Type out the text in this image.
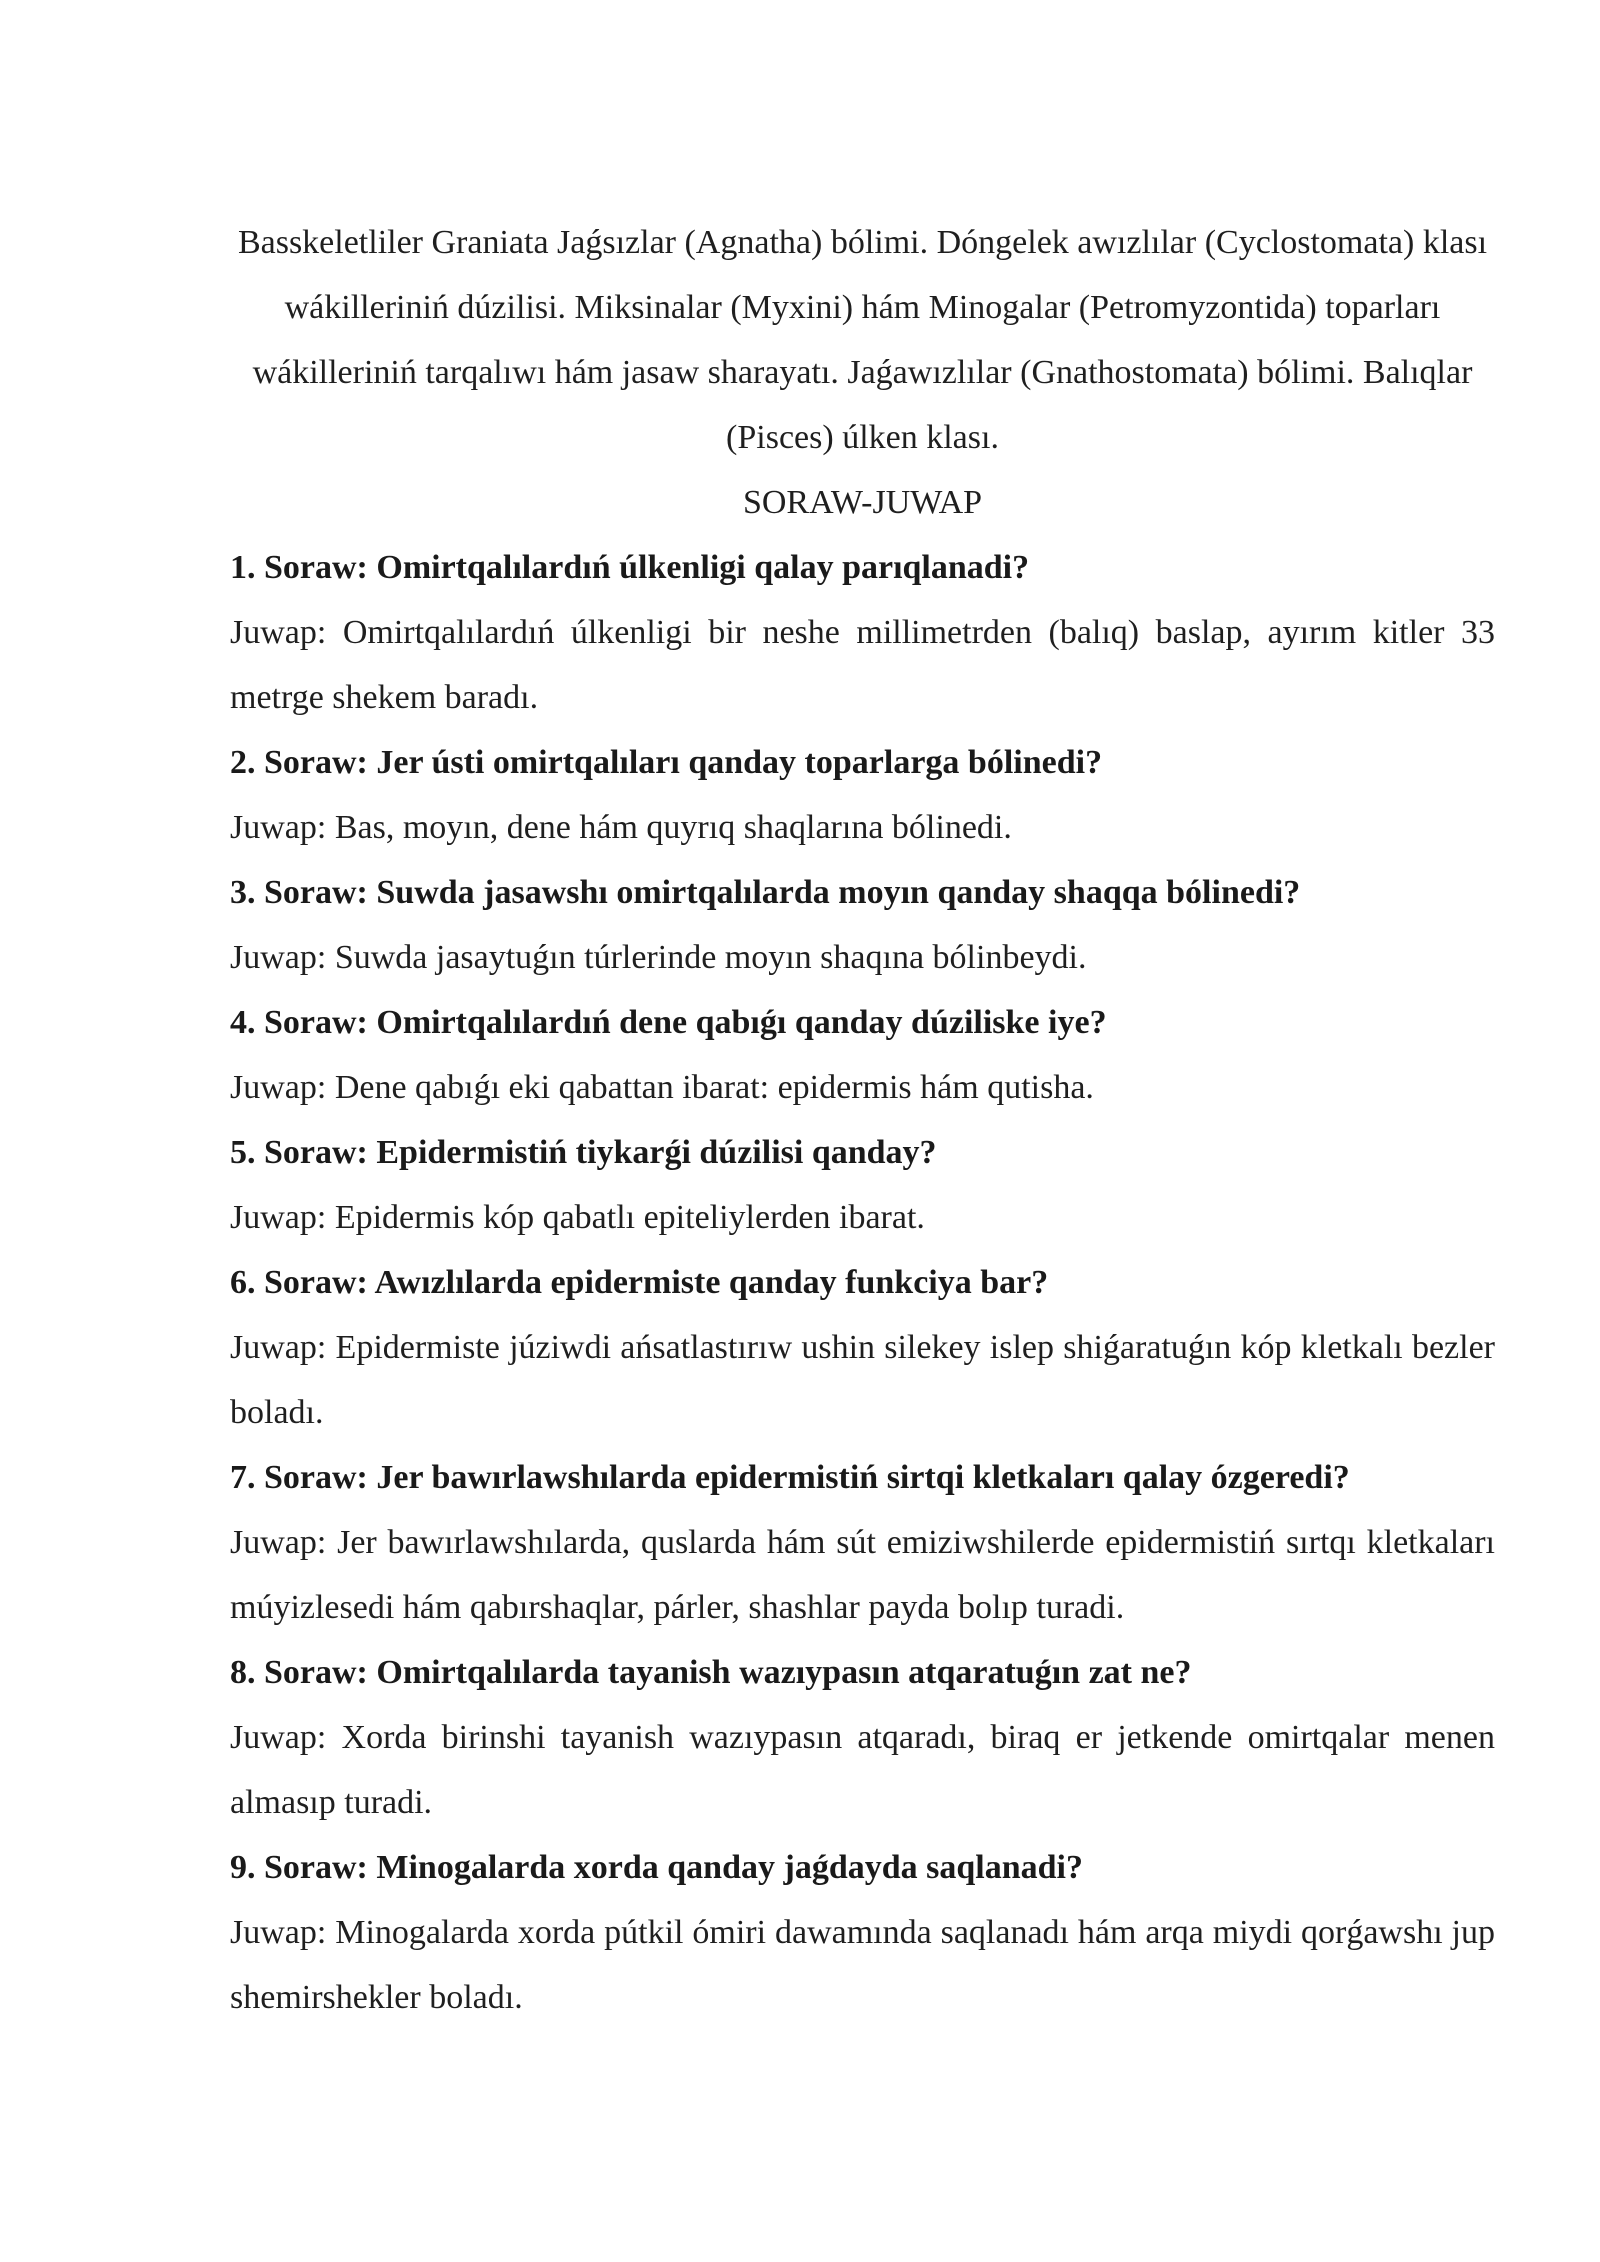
Basskeletliler Graniata Jaǵsızlar (Agnatha) bólimi. Dóngelek awızlılar (Cyclostomata) klası wákilleriniń dúzilisi. Miksinalar (Myxini) hám Minogalar (Petromyzontida) toparları wákilleriniń tarqalıwı hám jasaw sharayatı. Jaǵawızlılar (Gnathostomata) bólimi. Balıqlar (Pisces) úlken klası.

SORAW-JUWAP

1. Soraw: Omirtqalılardıń úlkenligi qalay parıqlanadi?

Juwap: Omirtqalılardıń úlkenligi bir neshe millimetrden (balıq) baslap, ayırım kitler 33 metrge shekem baradı.

2. Soraw: Jer ústi omirtqalıları qanday toparlarga bólinedi?

Juwap: Bas, moyın, dene hám quyrıq shaqlarına bólinedi.

3. Soraw: Suwda jasawshı omirtqalılarda moyın qanday shaqqa bólinedi?

Juwap: Suwda jasaytuǵın túrlerinde moyın shaqına bólinbeydi.

4. Soraw: Omirtqalılardıń dene qabıǵı qanday dúziliske iye?

Juwap: Dene qabıǵı eki qabattan ibarat: epidermis hám qutisha.

5. Soraw: Epidermistiń tiykarǵi dúzilisi qanday?

Juwap: Epidermis kóp qabatlı epiteliylerden ibarat.

6. Soraw: Awızlılarda epidermiste qanday funkciya bar?

Juwap: Epidermiste júziwdi ańsatlastırıw ushin silekey islep shiǵaratuǵın kóp kletkalı bezler boladı.

7. Soraw: Jer bawırlawshılarda epidermistiń sirtqi kletkaları qalay ózgeredi?

Juwap: Jer bawırlawshılarda, quslarda hám sút emiziwshilerde epidermistiń sırtqı kletkaları múyizlesedi hám qabırshaqlar, párler, shashlar payda bolıp turadi.

8. Soraw: Omirtqalılarda tayanish wazıypasın atqaratuǵın zat ne?

Juwap: Xorda birinshi tayanish wazıypasın atqaradı, biraq er jetkende omirtqalar menen almasıp turadi.

9. Soraw: Minogalarda xorda qanday jaǵdayda saqlanadi?

Juwap: Minogalarda xorda pútkil ómiri dawamında saqlanadı hám arqa miydi qorǵawshı jup shemirshekler boladı.
